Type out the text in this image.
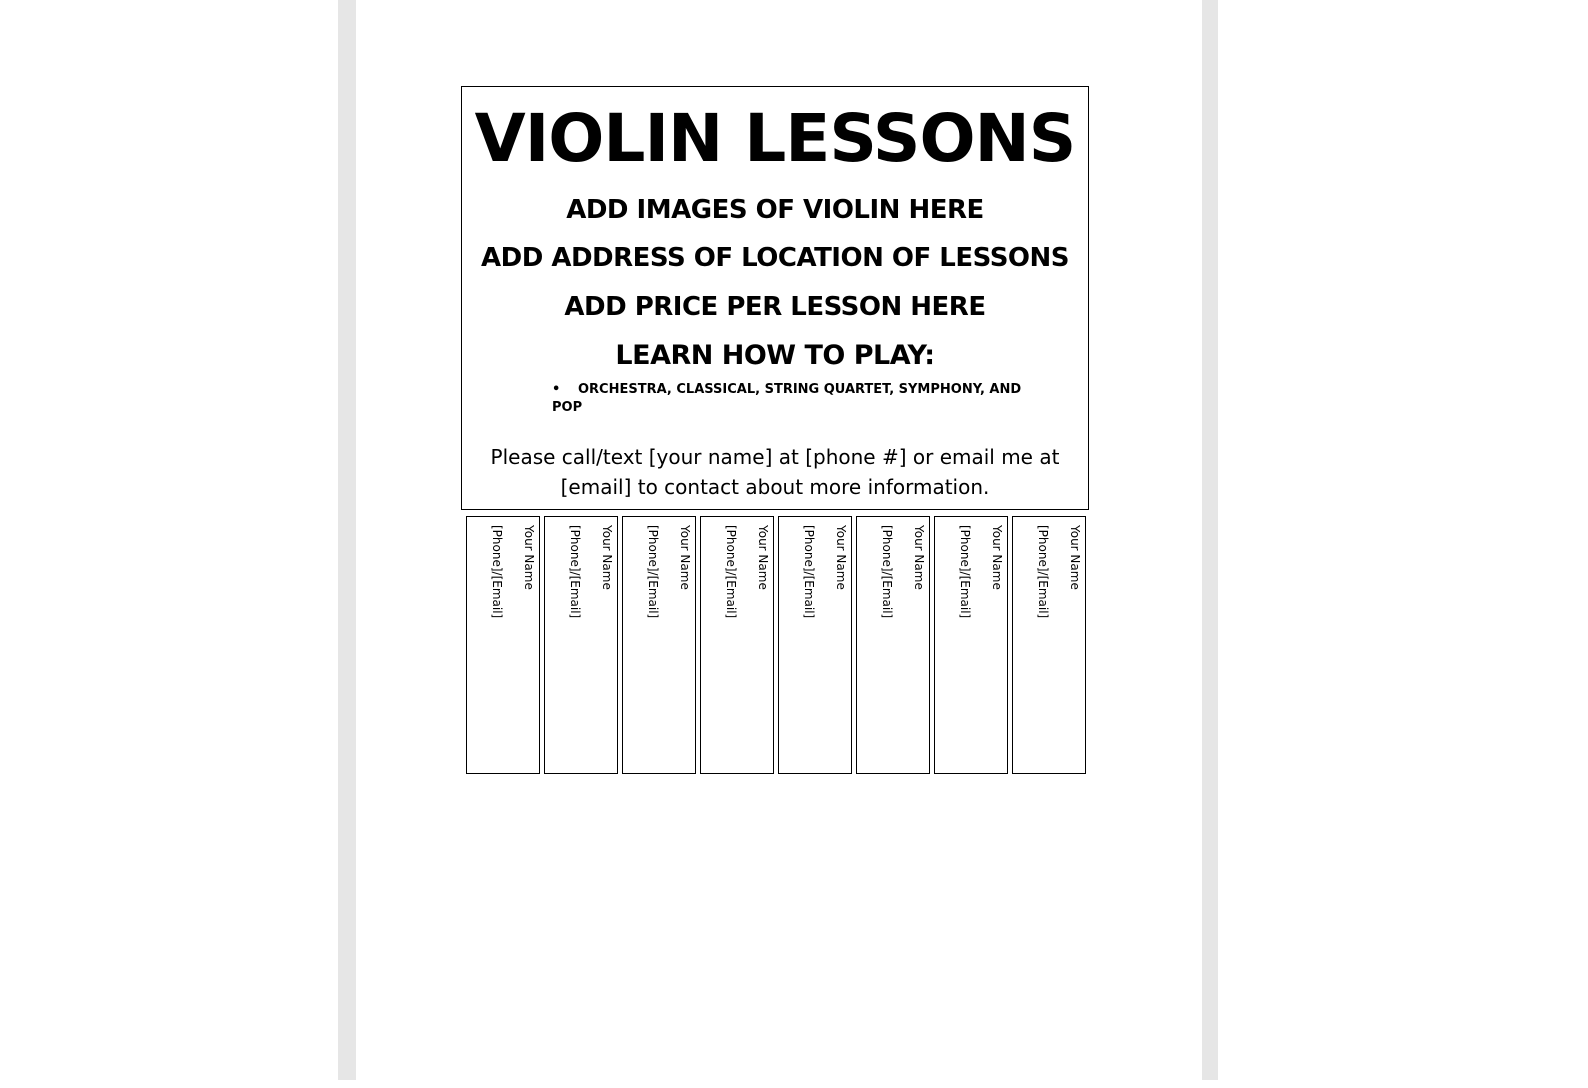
VIOLIN LESSONS
ADD IMAGES OF VIOLIN HERE
ADD ADDRESS OF LOCATION OF LESSONS
ADD PRICE PER LESSON HERE
LEARN HOW TO PLAY:
• ORCHESTRA, CLASSICAL, STRING QUARTET, SYMPHONY, AND POP
Please call/text [your name] at [phone #] or email me at
[email] to contact about more information.
Your Name
[Phone]/[Email]	Your Name
[Phone]/[Email]	Your Name
[Phone]/[Email]	Your Name
[Phone]/[Email]	Your Name
[Phone]/[Email]	Your Name
[Phone]/[Email]	Your Name
[Phone]/[Email]	Your Name
[Phone]/[Email]
